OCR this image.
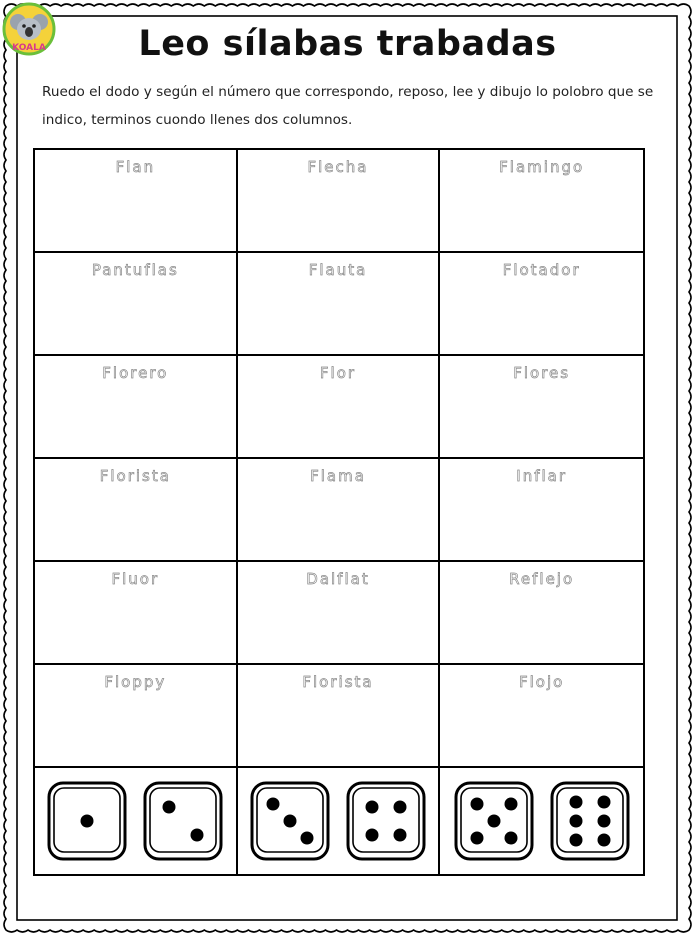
KOALA	Leo sílabas trabadas
Ruedo el dodo y según el número que correspondo, reposo, lee y dibujo lo polobro que se indico, terminos cuondo llenes dos columnos.
Flan	Flecha	Flamingo
Pantuflas	Flauta	Flotador
Florero	Flor	Flores
Florista	Flama	Inflar
Fluor	Dalflat	Reflejo
Floppy	Florista	Flojo
